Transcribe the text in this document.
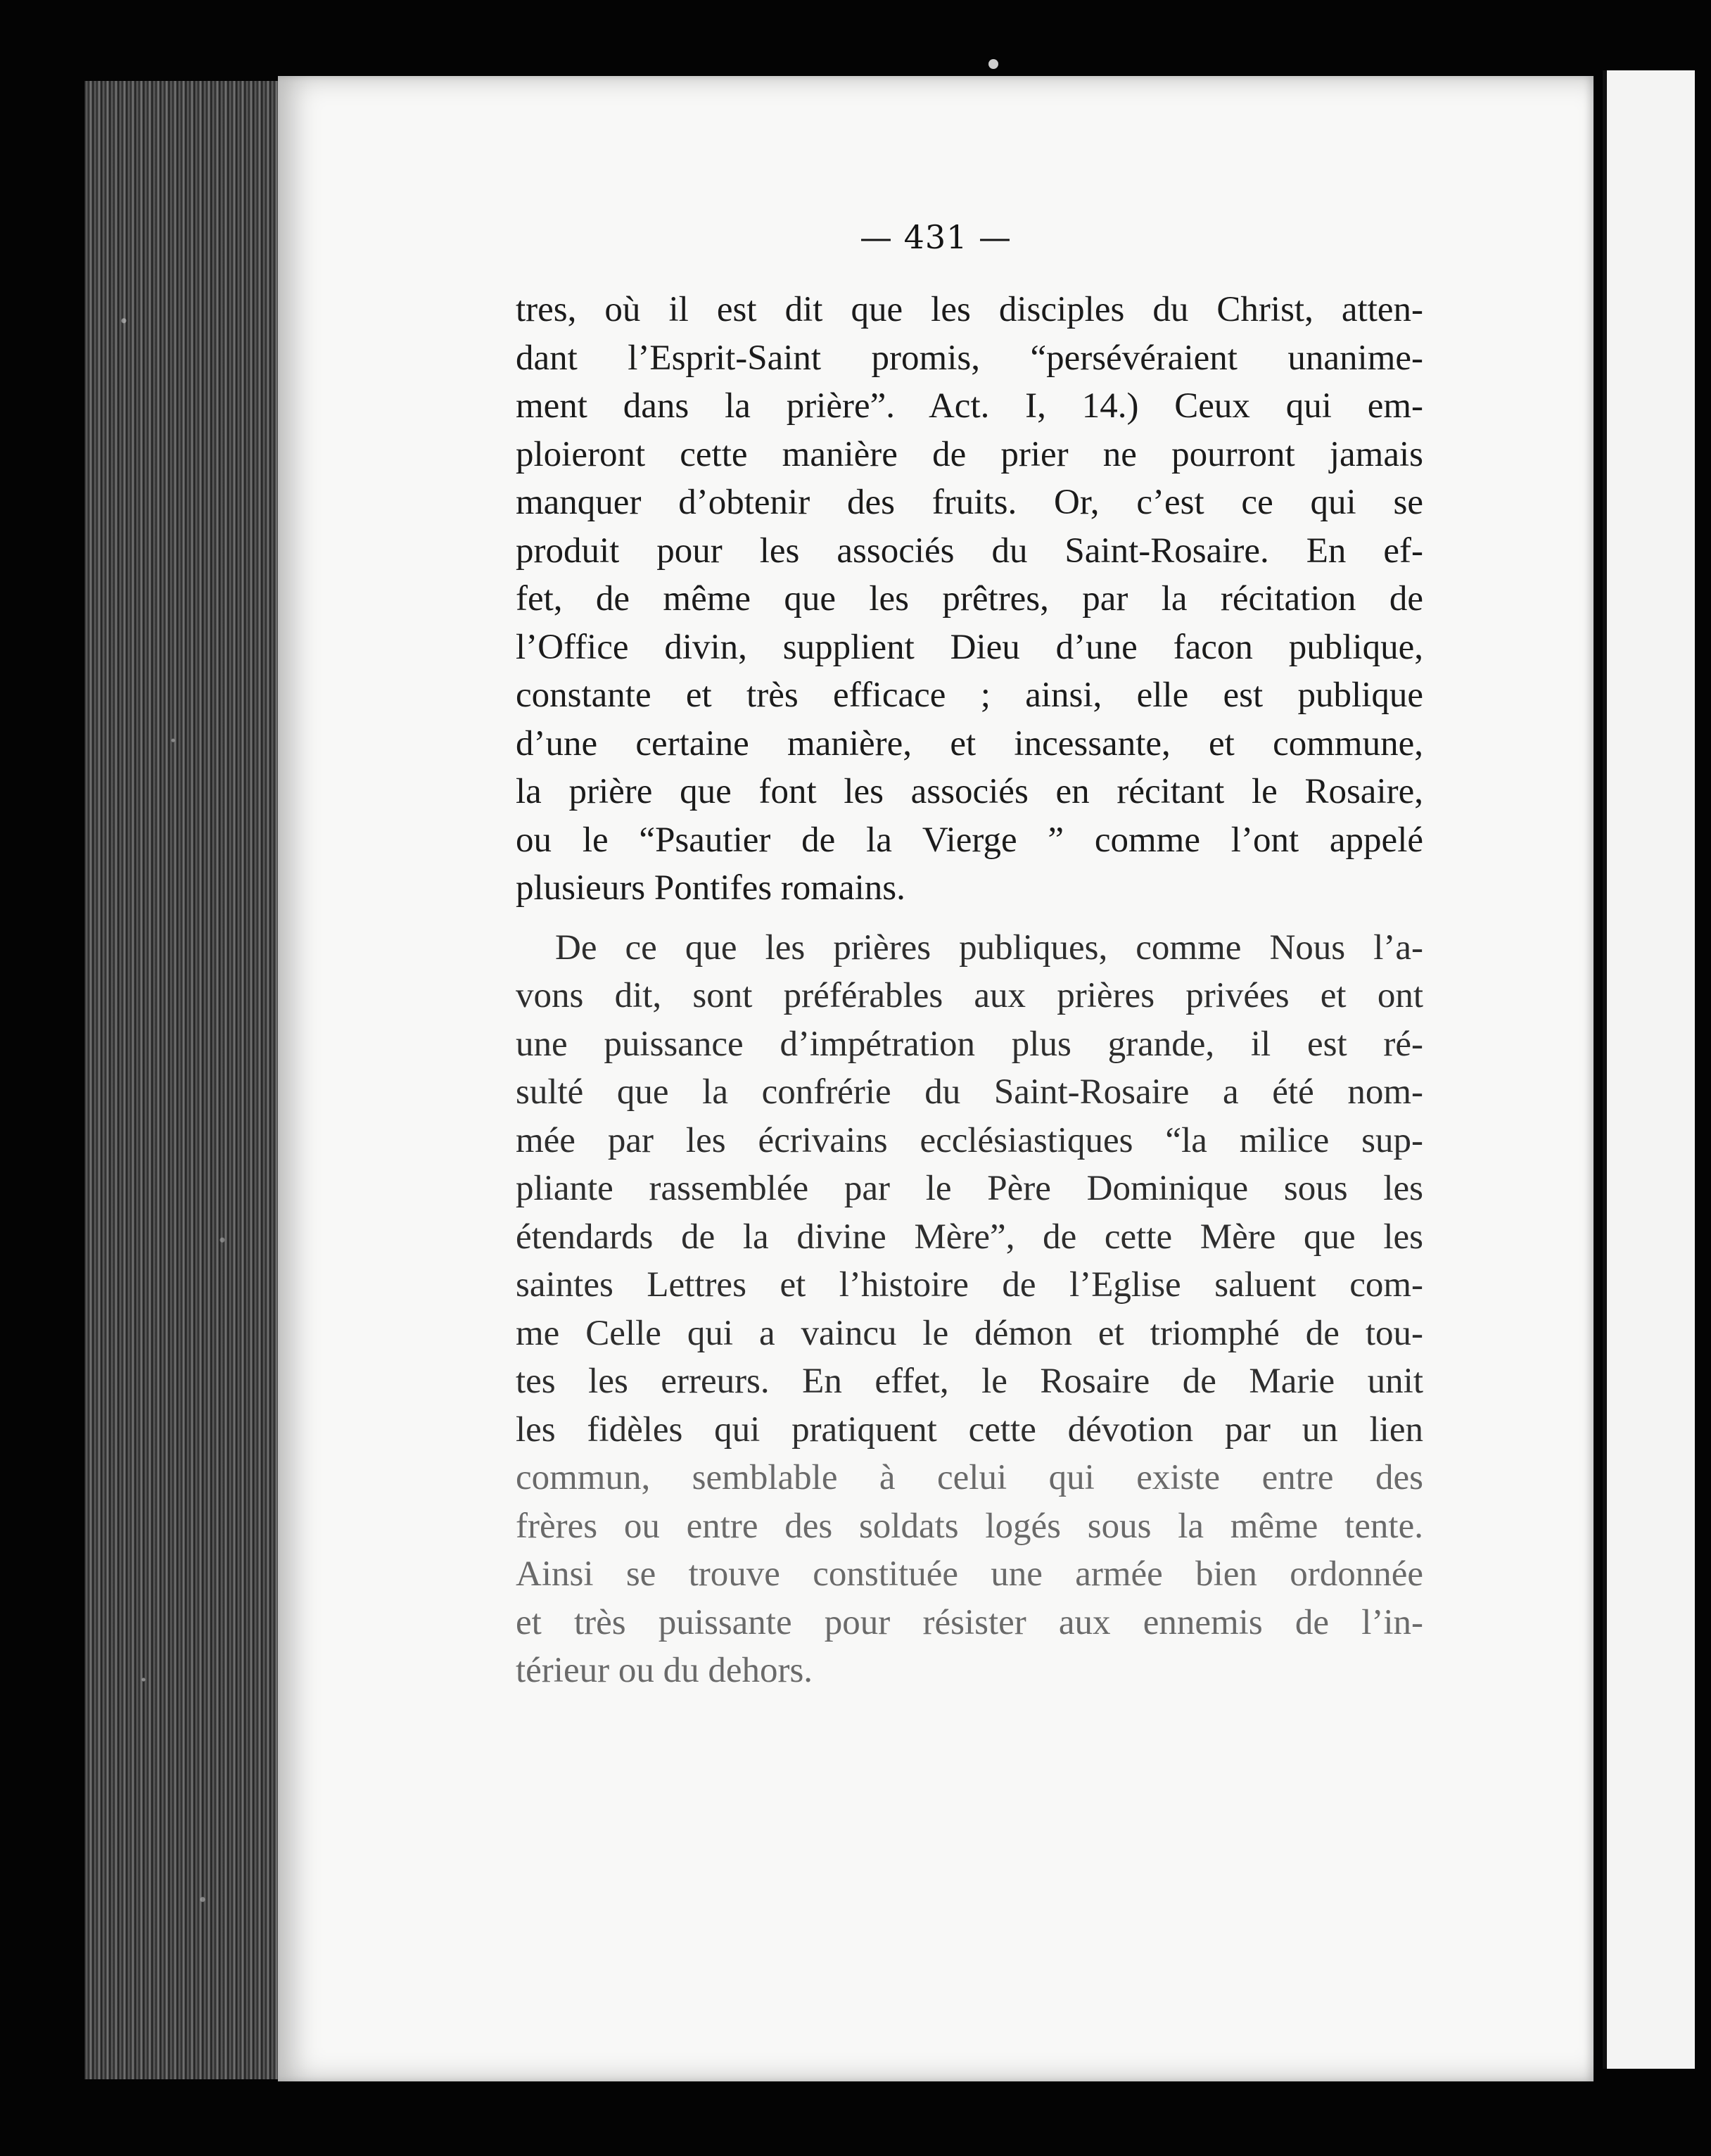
— 431 —
tres, où il est dit que les disciples du Christ, atten-
dant l’Esprit-Saint promis, “persévéraient unanime-
ment dans la prière”. Act. I, 14.) Ceux qui em-
ploieront cette manière de prier ne pourront jamais
manquer d’obtenir des fruits. Or, c’est ce qui se
produit pour les associés du Saint-Rosaire. En ef-
fet, de même que les prêtres, par la récitation de
l’Office divin, supplient Dieu d’une facon publique,
constante et très efficace ; ainsi, elle est publique
d’une certaine manière, et incessante, et commune,
la prière que font les associés en récitant le Rosaire,
ou le “Psautier de la Vierge ” comme l’ont appelé
plusieurs Pontifes romains.
De ce que les prières publiques, comme Nous l’a-
vons dit, sont préférables aux prières privées et ont
une puissance d’impétration plus grande, il est ré-
sulté que la confrérie du Saint-Rosaire a été nom-
mée par les écrivains ecclésiastiques “la milice sup-
pliante rassemblée par le Père Dominique sous les
étendards de la divine Mère”, de cette Mère que les
saintes Lettres et l’histoire de l’Eglise saluent com-
me Celle qui a vaincu le démon et triomphé de tou-
tes les erreurs. En effet, le Rosaire de Marie unit
les fidèles qui pratiquent cette dévotion par un lien
commun, semblable à celui qui existe entre des
frères ou entre des soldats logés sous la même tente.
Ainsi se trouve constituée une armée bien ordonnée
et très puissante pour résister aux ennemis de l’in-
térieur ou du dehors.
